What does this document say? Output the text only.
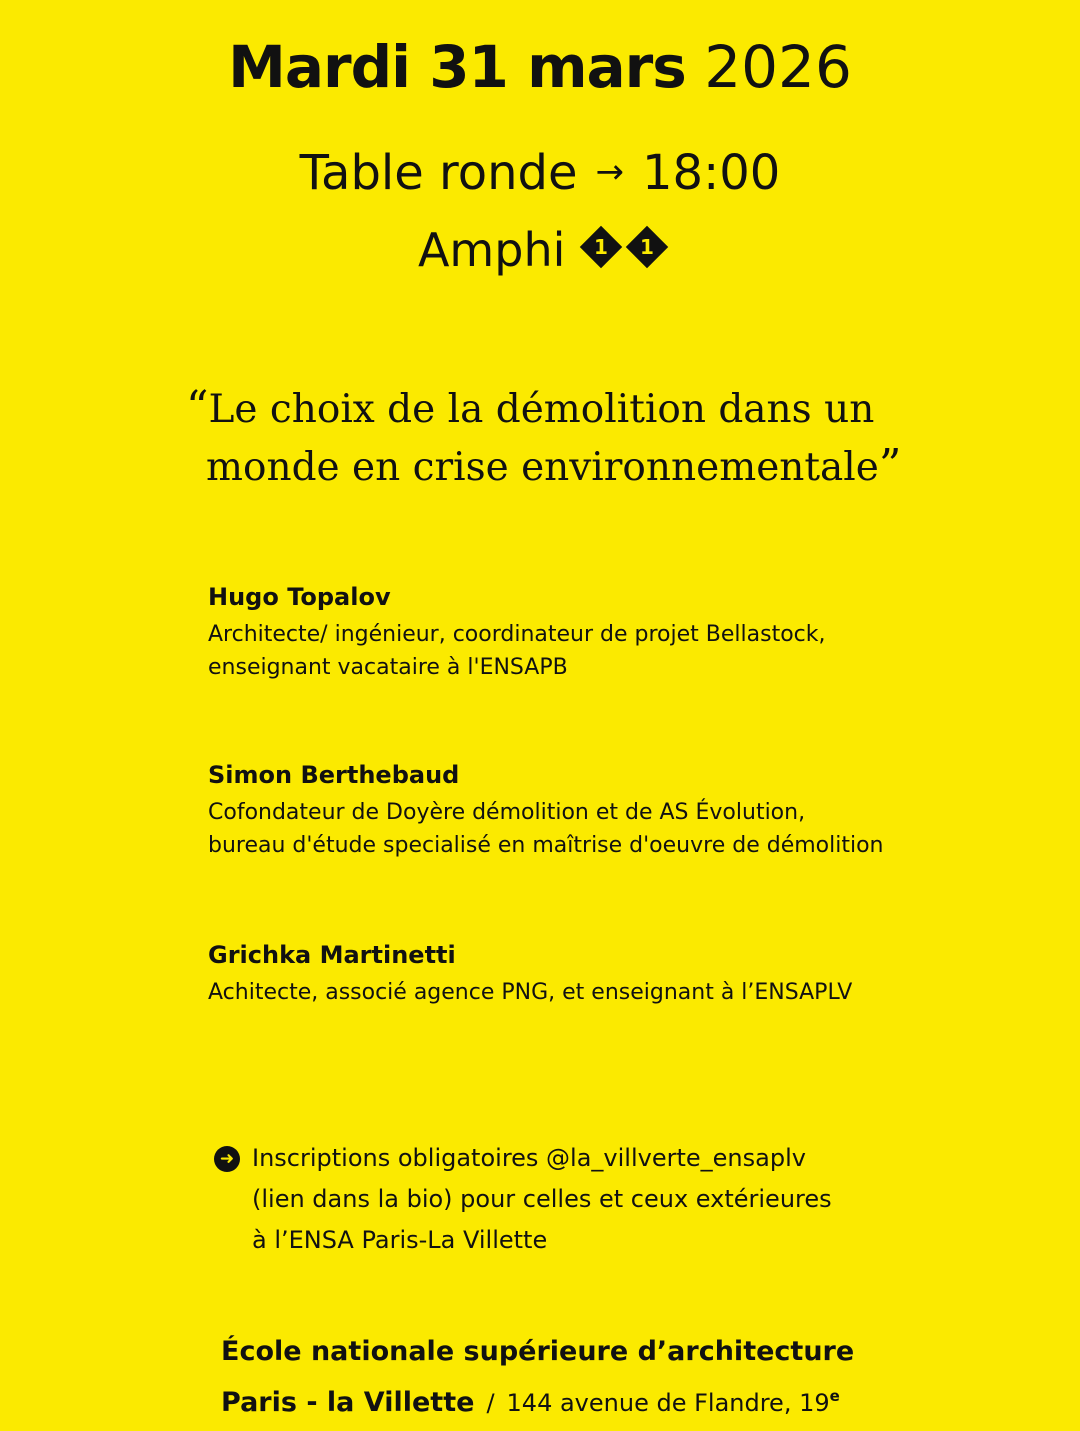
Mardi 31 mars 2026
Table ronde → 18:00
Amphi	1	1
“Le choix de la démolition dans un
monde en crise environnementale”
Hugo Topalov
Architecte/ ingénieur, coordinateur de projet Bellastock,
enseignant vacataire à l'ENSAPB
Simon Berthebaud
Cofondateur de Doyère démolition et de AS Évolution,
bureau d'étude specialisé en maîtrise d'oeuvre de démolition
Grichka Martinetti
Achitecte, associé agence PNG, et enseignant à l’ENSAPLV
➜ Inscriptions obligatoires @la_villverte_ensaplv
(lien dans la bio) pour celles et ceux extérieures
à l’ENSA Paris-La Villette
École nationale supérieure d’architecture
Paris - la Villette / 144 avenue de Flandre, 19e
